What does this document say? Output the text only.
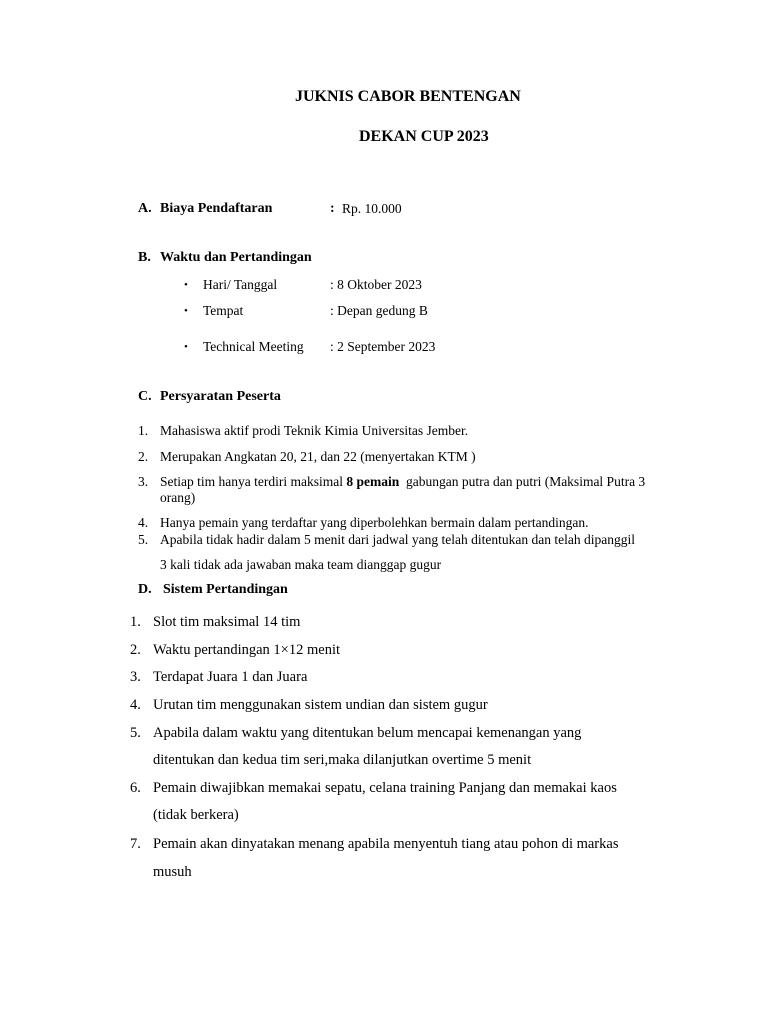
JUKNIS CABOR BENTENGAN
DEKAN CUP 2023
A. Biaya Pendaftaran	: Rp. 10.000
B. Waktu dan Pertandingan
• Hari/ Tanggal	: 8 Oktober 2023
• Tempat	: Depan gedung B
• Technical Meeting : 2 September 2023
C. Persyaratan Peserta
1. Mahasiswa aktif prodi Teknik Kimia Universitas Jember.
2. Merupakan Angkatan 20, 21, dan 22 (menyertakan KTM )
3. Setiap tim hanya terdiri maksimal 8 pemain  gabungan putra dan putri (Maksimal Putra 3
orang)
4. Hanya pemain yang terdaftar yang diperbolehkan bermain dalam pertandingan.
5. Apabila tidak hadir dalam 5 menit dari jadwal yang telah ditentukan dan telah dipanggil
3 kali tidak ada jawaban maka team dianggap gugur
D. Sistem Pertandingan
1. Slot tim maksimal 14 tim
2. Waktu pertandingan 1×12 menit
3. Terdapat Juara 1 dan Juara
4. Urutan tim menggunakan sistem undian dan sistem gugur
5. Apabila dalam waktu yang ditentukan belum mencapai kemenangan yang
ditentukan dan kedua tim seri,maka dilanjutkan overtime 5 menit
6. Pemain diwajibkan memakai sepatu, celana training Panjang dan memakai kaos
(tidak berkera)
7. Pemain akan dinyatakan menang apabila menyentuh tiang atau pohon di markas
musuh
